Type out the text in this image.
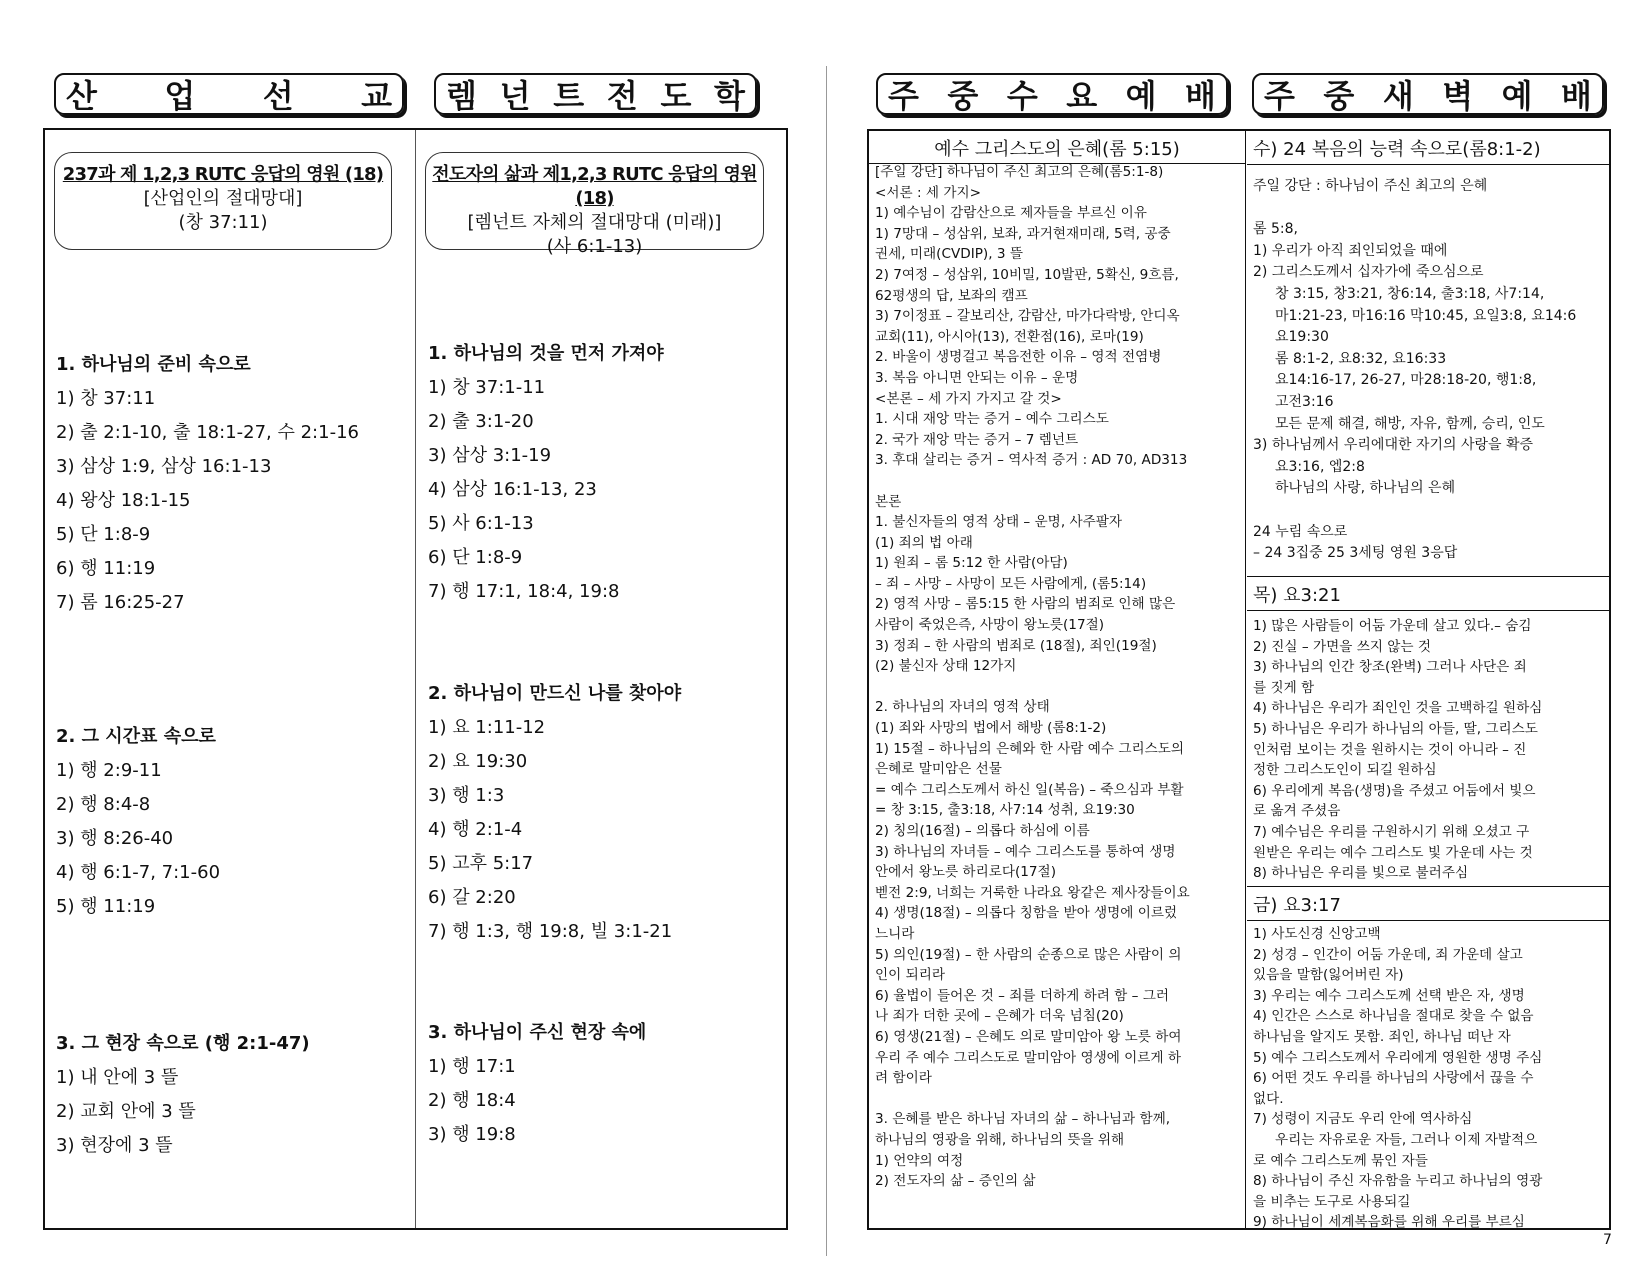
산 업 선 교 렘 넌 트 전 도 학	주 중 수 요 예 배 주 중 새 벽 예 배
237과 제 1,2,3 RUTC 응답의 영원 (18)
[산업인의 절대망대]
(창 37:11)
전도자의 삶과 제1,2,3 RUTC 응답의 영원 (18)
[렘넌트 자체의 절대망대 (미래)]
(사 6:1-13)
1. 하나님의 준비 속으로
1) 창 37:11
2) 출 2:1-10, 출 18:1-27, 수 2:1-16
3) 삼상 1:9, 삼상 16:1-13
4) 왕상 18:1-15
5) 단 1:8-9
6) 행 11:19
7) 롬 16:25-27
2. 그 시간표 속으로
1) 행 2:9-11
2) 행 8:4-8
3) 행 8:26-40
4) 행 6:1-7, 7:1-60
5) 행 11:19
3. 그 현장 속으로 (행 2:1-47)
1) 내 안에 3 뜰
2) 교회 안에 3 뜰
3) 현장에 3 뜰
1. 하나님의 것을 먼저 가져야
1) 창 37:1-11
2) 출 3:1-20
3) 삼상 3:1-19
4) 삼상 16:1-13, 23
5) 사 6:1-13
6) 단 1:8-9
7) 행 17:1, 18:4, 19:8
2. 하나님이 만드신 나를 찾아야
1) 요 1:11-12
2) 요 19:30
3) 행 1:3
4) 행 2:1-4
5) 고후 5:17
6) 갈 2:20
7) 행 1:3, 행 19:8, 빌 3:1-21
3. 하나님이 주신 현장 속에
1) 행 17:1
2) 행 18:4
3) 행 19:8
예수 그리스도의 은혜(롬 5:15)
[주일 강단] 하나님이 주신 최고의 은혜(롬5:1-8)
<서론 : 세 가지>
1) 예수님이 감람산으로 제자들을 부르신 이유
1) 7망대 – 성삼위, 보좌, 과거현재미래, 5력, 공중
권세, 미래(CVDIP), 3 뜰
2) 7여정 – 성삼위, 10비밀, 10발판, 5확신, 9흐름,
62평생의 답, 보좌의 캠프
3) 7이정표 – 갈보리산, 감람산, 마가다락방, 안디옥
교회(11), 아시아(13), 전환점(16), 로마(19)
2. 바울이 생명걸고 복음전한 이유 – 영적 전염병
3. 복음 아니면 안되는 이유 – 운명
<본론 – 세 가지 가지고 갈 것>
1. 시대 재앙 막는 증거 – 예수 그리스도
2. 국가 재앙 막는 증거 – 7 렘넌트
3. 후대 살리는 증거 – 역사적 증거 : AD 70, AD313

본론
1. 불신자들의 영적 상태 – 운명, 사주팔자
(1) 죄의 법 아래
1) 원죄 – 롬 5:12 한 사람(아담)
– 죄 – 사망 – 사망이 모든 사람에게, (롬5:14)
2) 영적 사망 – 롬5:15 한 사람의 범죄로 인해 많은
사람이 죽었은즉, 사망이 왕노릇(17절)
3) 정죄 – 한 사람의 범죄로 (18절), 죄인(19절)
(2) 불신자 상태 12가지

2. 하나님의 자녀의 영적 상태
(1) 죄와 사망의 법에서 해방 (롬8:1-2)
1) 15절 – 하나님의 은혜와 한 사람 예수 그리스도의
은혜로 말미암은 선물
= 예수 그리스도께서 하신 일(복음) – 죽으심과 부활
= 창 3:15, 출3:18, 사7:14 성취, 요19:30
2) 칭의(16절) – 의롭다 하심에 이름
3) 하나님의 자녀들 – 예수 그리스도를 통하여 생명
안에서 왕노릇 하리로다(17절)
벧전 2:9, 너희는 거룩한 나라요 왕같은 제사장들이요
4) 생명(18절) – 의롭다 칭함을 받아 생명에 이르렀
느니라
5) 의인(19절) – 한 사람의 순종으로 많은 사람이 의
인이 되리라
6) 율법이 들어온 것 – 죄를 더하게 하려 함 – 그러
나 죄가 더한 곳에 – 은혜가 더욱 넘침(20)
6) 영생(21절) – 은혜도 의로 말미암아 왕 노릇 하여
우리 주 예수 그리스도로 말미암아 영생에 이르게 하
려 함이라

3. 은혜를 받은 하나님 자녀의 삶 – 하나님과 함께,
하나님의 영광을 위해, 하나님의 뜻을 위해
1) 언약의 여정
2) 전도자의 삶 – 증인의 삶
수) 24 복음의 능력 속으로(롬8:1-2)
주일 강단 : 하나님이 주신 최고의 은혜

롬 5:8,
1) 우리가 아직 죄인되었을 때에
2) 그리스도께서 십자가에 죽으심으로
창 3:15, 창3:21, 창6:14, 출3:18, 사7:14,
마1:21-23, 마16:16 막10:45, 요일3:8, 요14:6
요19:30
롬 8:1-2, 요8:32, 요16:33
요14:16-17, 26-27, 마28:18-20, 행1:8,
고전3:16
모든 문제 해결, 해방, 자유, 함께, 승리, 인도
3) 하나님께서 우리에대한 자기의 사랑을 확증
요3:16, 엡2:8
하나님의 사랑, 하나님의 은혜

24 누림 속으로
– 24 3집중 25 3세팅 영원 3응답
목) 요3:21
1) 많은 사람들이 어둠 가운데 살고 있다.– 숨김
2) 진실 – 가면을 쓰지 않는 것
3) 하나님의 인간 창조(완벽) 그러나 사단은 죄
를 짓게 함
4) 하나님은 우리가 죄인인 것을 고백하길 원하심
5) 하나님은 우리가 하나님의 아들, 딸, 그리스도
인처럼 보이는 것을 원하시는 것이 아니라 – 진
정한 그리스도인이 되길 원하심
6) 우리에게 복음(생명)을 주셨고 어둠에서 빛으
로 옮겨 주셨음
7) 예수님은 우리를 구원하시기 위해 오셨고 구
원받은 우리는 예수 그리스도 빛 가운데 사는 것
8) 하나님은 우리를 빛으로 불러주심
금) 요3:17
1) 사도신경 신앙고백
2) 성경 – 인간이 어둠 가운데, 죄 가운데 살고
있음을 말함(잃어버린 자)
3) 우리는 예수 그리스도께 선택 받은 자, 생명
4) 인간은 스스로 하나님을 절대로 찾을 수 없음
하나님을 알지도 못함. 죄인, 하나님 떠난 자
5) 예수 그리스도께서 우리에게 영원한 생명 주심
6) 어떤 것도 우리를 하나님의 사랑에서 끊을 수
없다.
7) 성령이 지금도 우리 안에 역사하심
우리는 자유로운 자들, 그러나 이제 자발적으
로 예수 그리스도께 묶인 자들
8) 하나님이 주신 자유함을 누리고 하나님의 영광
을 비추는 도구로 사용되길
9) 하나님이 세계복음화를 위해 우리를 부르심
7
